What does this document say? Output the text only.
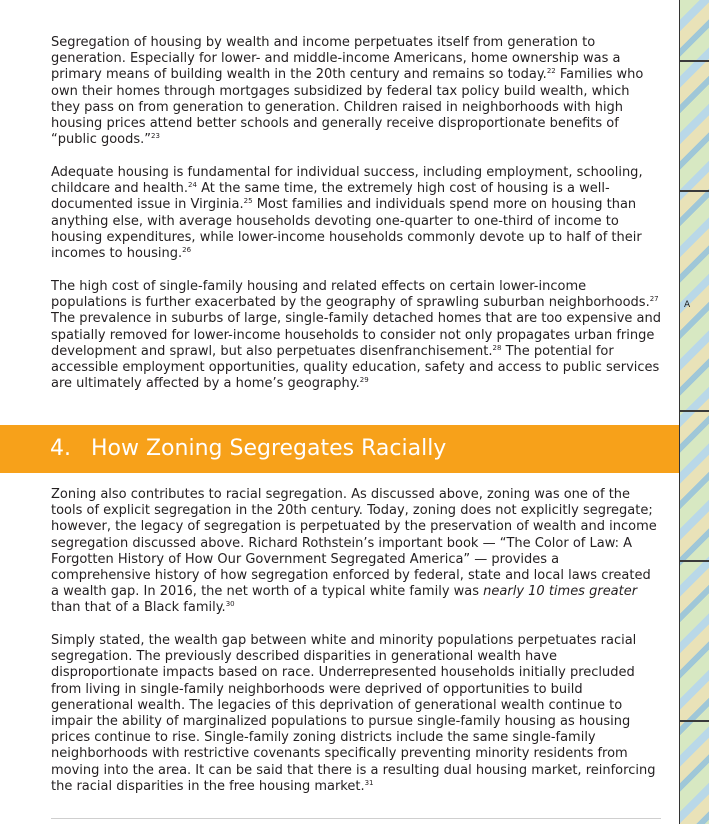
Segregation of housing by wealth and income perpetuates itself from generation to generation. Especially for lower- and middle-income Americans, home ownership was a primary means of building wealth in the 20th century and remains so today.$^{22}$ Families who own their homes through mortgages subsidized by federal tax policy build wealth, which they pass on from generation to generation. Children raised in neighborhoods with high housing prices attend better schools and generally receive disproportionate benefits of “public goods.”$^{23}$

Adequate housing is fundamental for individual success, including employment, schooling, childcare and health.$^{24}$ At the same time, the extremely high cost of housing is a well-documented issue in Virginia.$^{25}$ Most families and individuals spend more on housing than anything else, with average households devoting one-quarter to one-third of income to housing expenditures, while lower-income households commonly devote up to half of their incomes to housing.$^{26}$

The high cost of single-family housing and related effects on certain lower-income populations is further exacerbated by the geography of sprawling suburban neighborhoods.$^{27}$ The prevalence in suburbs of large, single-family detached homes that are too expensive and spatially removed for lower-income households to consider not only propagates urban fringe development and sprawl, but also perpetuates disenfranchisement.$^{28}$ The potential for accessible employment opportunities, quality education, safety and access to public services are ultimately affected by a home’s geography.$^{29}$

4. How Zoning Segregates Racially

Zoning also contributes to racial segregation. As discussed above, zoning was one of the tools of explicit segregation in the 20th century. Today, zoning does not explicitly segregate; however, the legacy of segregation is perpetuated by the preservation of wealth and income segregation discussed above. Richard Rothstein’s important book — “The Color of Law: A Forgotten History of How Our Government Segregated America” — provides a comprehensive history of how segregation enforced by federal, state and local laws created a wealth gap. In 2016, the net worth of a typical white family was nearly 10 times greater than that of a Black family.$^{30}$

Simply stated, the wealth gap between white and minority populations perpetuates racial segregation. The previously described disparities in generational wealth have disproportionate impacts based on race. Underrepresented households initially precluded from living in single-family neighborhoods were deprived of opportunities to build generational wealth. The legacies of this deprivation of generational wealth continue to impair the ability of marginalized populations to pursue single-family housing as housing prices continue to rise. Single-family zoning districts include the same single-family neighborhoods with restrictive covenants specifically preventing minority residents from moving into the area. It can be said that there is a resulting dual housing market, reinforcing the racial disparities in the free housing market.$^{31}$

A
